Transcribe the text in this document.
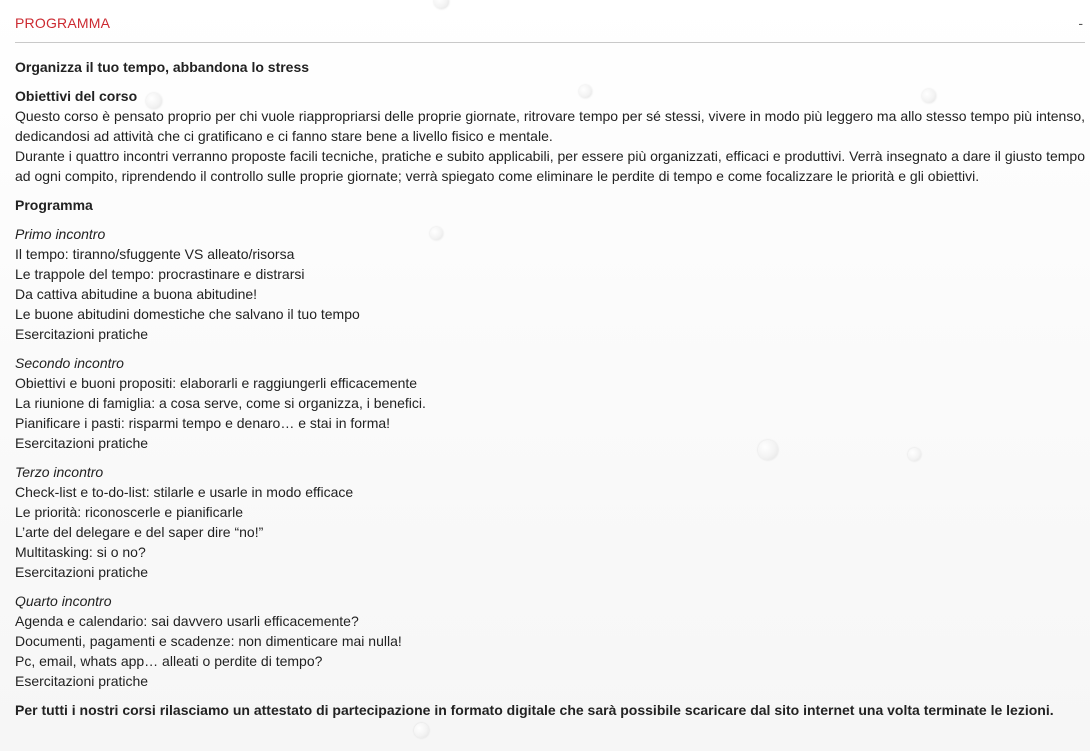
PROGRAMMA	-

Organizza il tuo tempo, abbandona lo stress

Obiettivi del corso

Questo corso è pensato proprio per chi vuole riappropriarsi delle proprie giornate, ritrovare tempo per sé stessi, vivere in modo più leggero ma allo stesso tempo più intenso, dedicandosi ad attività che ci gratificano e ci fanno stare bene a livello fisico e mentale.

Durante i quattro incontri verranno proposte facili tecniche, pratiche e subito applicabili, per essere più organizzati, efficaci e produttivi. Verrà insegnato a dare il giusto tempo ad ogni compito, riprendendo il controllo sulle proprie giornate; verrà spiegato come eliminare le perdite di tempo e come focalizzare le priorità e gli obiettivi.

Programma

Primo incontro

Il tempo: tiranno/sfuggente VS alleato/risorsa

Le trappole del tempo: procrastinare e distrarsi

Da cattiva abitudine a buona abitudine!

Le buone abitudini domestiche che salvano il tuo tempo

Esercitazioni pratiche

Secondo incontro

Obiettivi e buoni propositi: elaborarli e raggiungerli efficacemente

La riunione di famiglia: a cosa serve, come si organizza, i benefici.

Pianificare i pasti: risparmi tempo e denaro… e stai in forma!

Esercitazioni pratiche

Terzo incontro

Check-list e to-do-list: stilarle e usarle in modo efficace

Le priorità: riconoscerle e pianificarle

L’arte del delegare e del saper dire “no!”

Multitasking: si o no?

Esercitazioni pratiche

Quarto incontro

Agenda e calendario: sai davvero usarli efficacemente?

Documenti, pagamenti e scadenze: non dimenticare mai nulla!

Pc, email, whats app… alleati o perdite di tempo?

Esercitazioni pratiche

Per tutti i nostri corsi rilasciamo un attestato di partecipazione in formato digitale che sarà possibile scaricare dal sito internet una volta terminate le lezioni.
